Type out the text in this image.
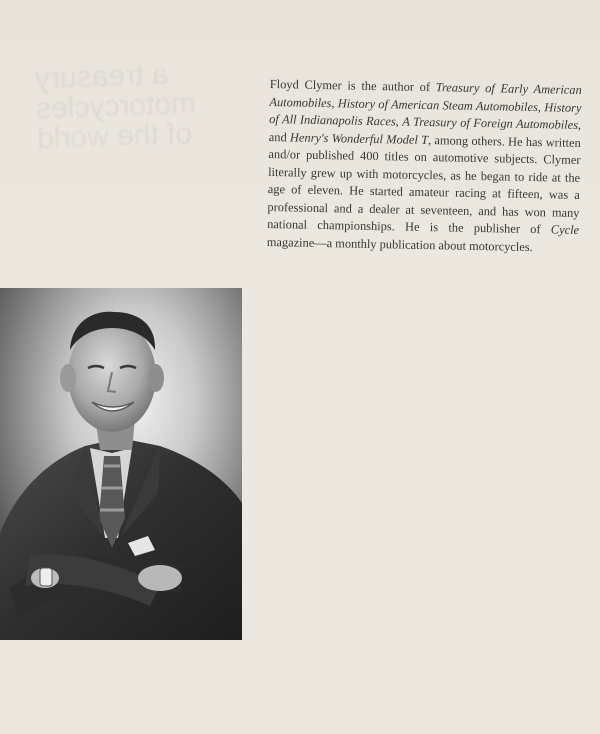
a treasury
motorcycles
of the world

Floyd Clymer is the author of Treasury of Early American Automobiles, History of American Steam Automobiles, History of All Indianapolis Races, A Treasury of Foreign Automobiles, and Henry's Wonderful Model T, among others. He has written and/or published 400 titles on automotive subjects. Clymer literally grew up with motorcycles, as he began to ride at the age of eleven. He started amateur racing at fifteen, was a professional and a dealer at seventeen, and has won many national championships. He is the publisher of Cycle magazine—a monthly publication about motorcycles.
